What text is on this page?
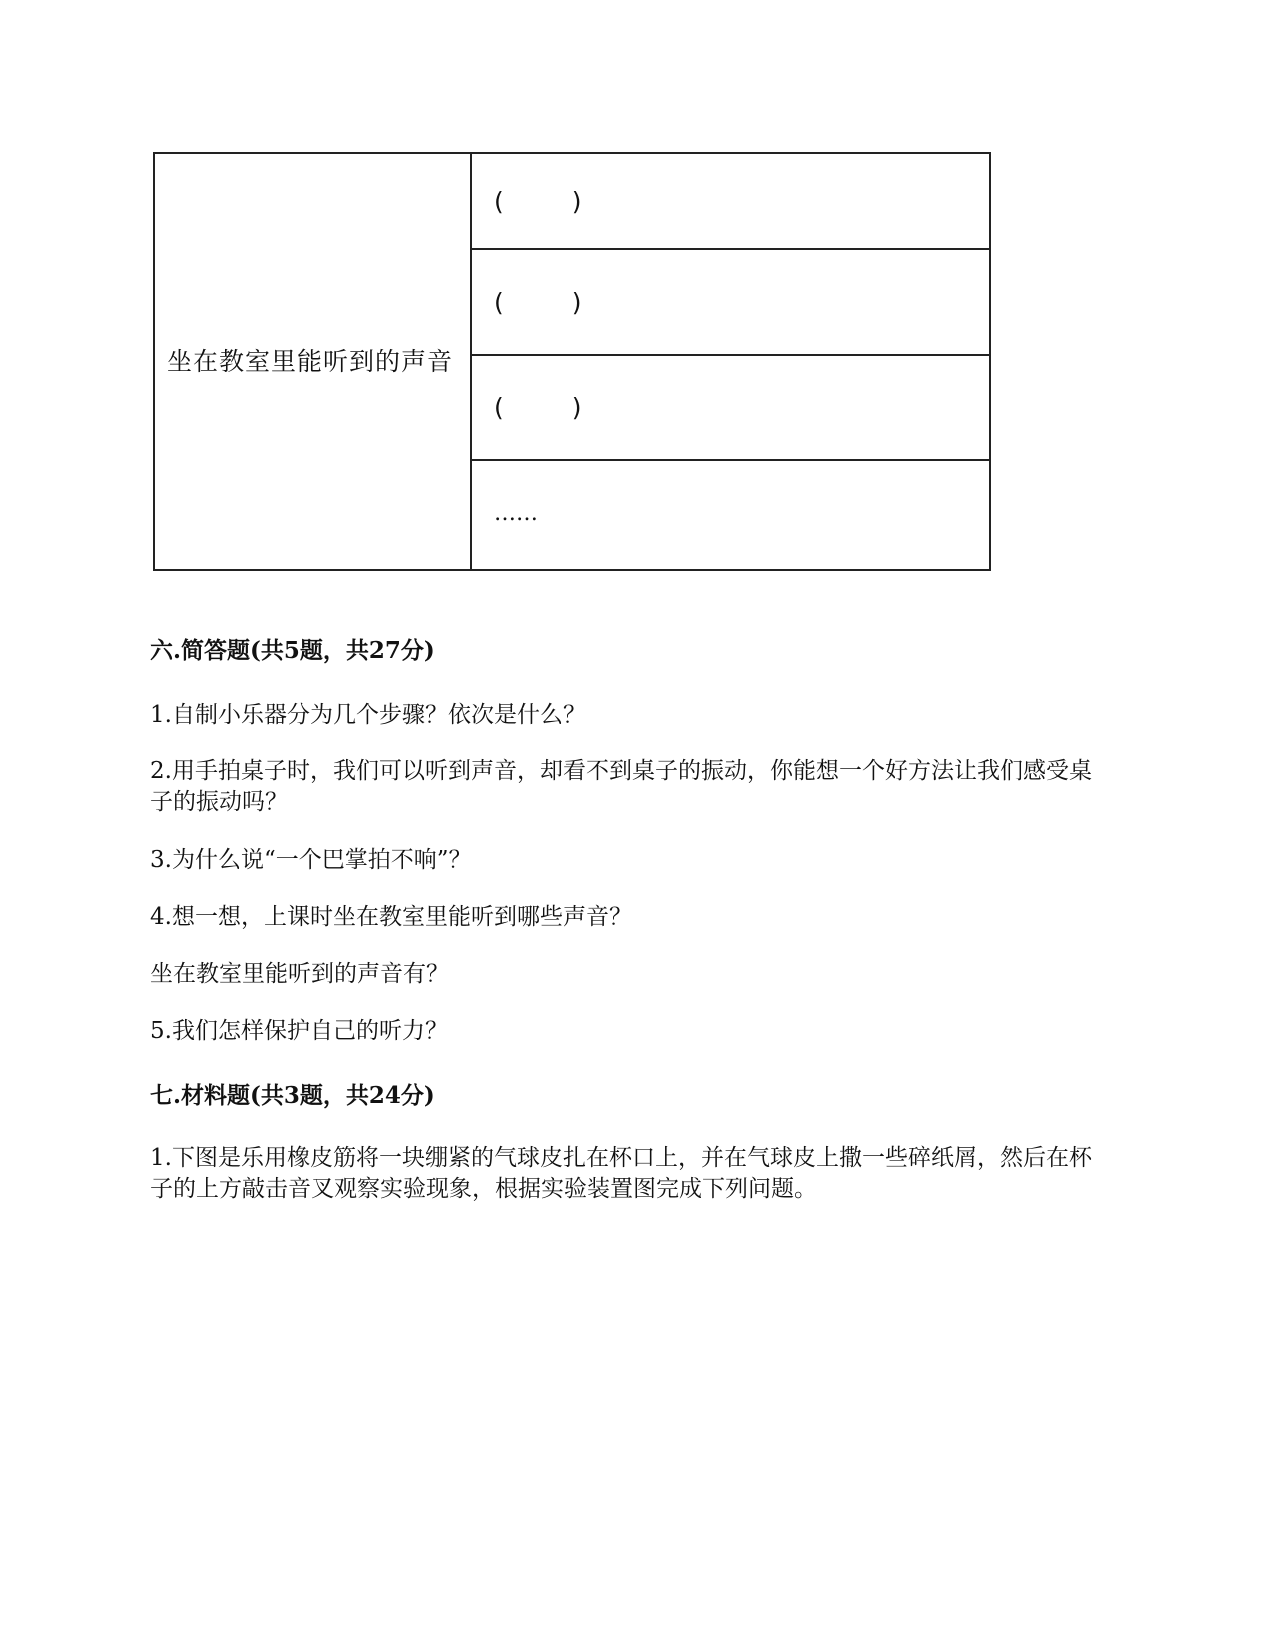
坐在教室里能听到的声音	(	)
(	)
(	)
……

六.简答题(共5题，共27分)

1.自制小乐器分为几个步骤？依次是什么？

2.用手拍桌子时，我们可以听到声音，却看不到桌子的振动，你能想一个好方法让我们感受桌子的振动吗？

3.为什么说“一个巴掌拍不响”？

4.想一想，上课时坐在教室里能听到哪些声音？

坐在教室里能听到的声音有？

5.我们怎样保护自己的听力？

七.材料题(共3题，共24分)

1.下图是乐用橡皮筋将一块绷紧的气球皮扎在杯口上，并在气球皮上撒一些碎纸屑，然后在杯子的上方敲击音叉观察实验现象，根据实验装置图完成下列问题。
